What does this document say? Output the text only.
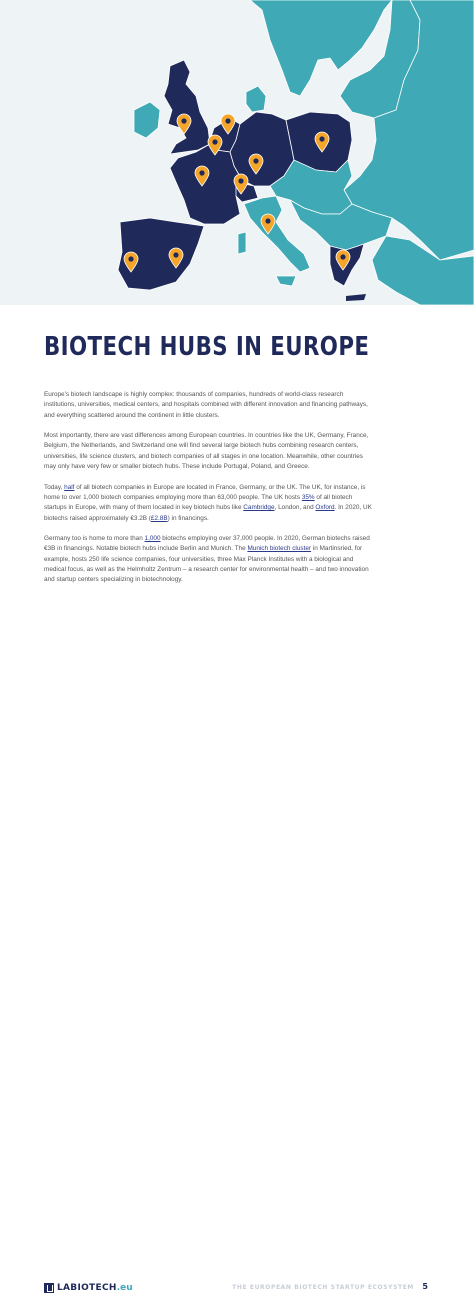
BIOTECH HUBS IN EUROPE

Europe's biotech landscape is highly complex: thousands of companies, hundreds of world-class research institutions, universities, medical centers, and hospitals combined with different innovation and financing pathways, and everything scattered around the continent in little clusters.

Most importantly, there are vast differences among European countries. In countries like the UK, Germany, France, Belgium, the Netherlands, and Switzerland one will find several large biotech hubs combining research centers, universities, life science clusters, and biotech companies of all stages in one location. Meanwhile, other countries may only have very few or smaller biotech hubs. These include Portugal, Poland, and Greece.

Today, half of all biotech companies in Europe are located in France, Germany, or the UK. The UK, for instance, is home to over 1,000 biotech companies employing more than 63,000 people. The UK hosts 35% of all biotech startups in Europe, with many of them located in key biotech hubs like Cambridge, London, and Oxford. In 2020, UK biotechs raised approximately €3.2B (£2.8B) in financings.

Germany too is home to more than 1,000 biotechs employing over 37,000 people. In 2020, German biotechs raised €3B in financings. Notable biotech hubs include Berlin and Munich. The Munich biotech cluster in Martinsried, for example, hosts 250 life science companies, four universities, three Max Planck Institutes with a biological and medical focus, as well as the Helmholtz Zentrum – a research center for environmental health – and two innovation and startup centers specializing in biotechnology.

LABIOTECH .eu	THE EUROPEAN BIOTECH STARTUP ECOSYSTEM 5
